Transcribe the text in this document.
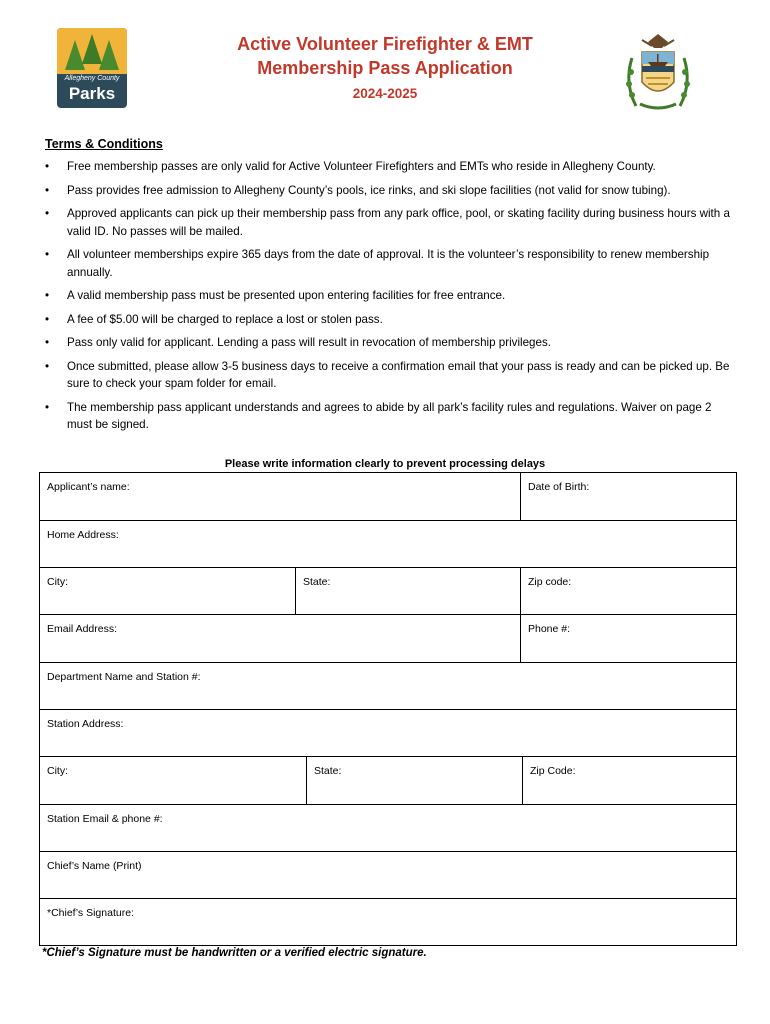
Allegheny County
Parks
Active Volunteer Firefighter & EMT
Membership Pass Application
2024-2025
Terms & Conditions
• Free membership passes are only valid for Active Volunteer Firefighters and EMTs who reside in Allegheny County.
• Pass provides free admission to Allegheny County’s pools, ice rinks, and ski slope facilities (not valid for snow tubing).
• Approved applicants can pick up their membership pass from any park office, pool, or skating facility during business hours with a valid ID. No passes will be mailed.
• All volunteer memberships expire 365 days from the date of approval. It is the volunteer’s responsibility to renew membership annually.
• A valid membership pass must be presented upon entering facilities for free entrance.
• A fee of $5.00 will be charged to replace a lost or stolen pass.
• Pass only valid for applicant. Lending a pass will result in revocation of membership privileges.
• Once submitted, please allow 3-5 business days to receive a confirmation email that your pass is ready and can be picked up. Be sure to check your spam folder for email.
• The membership pass applicant understands and agrees to abide by all park’s facility rules and regulations. Waiver on page 2 must be signed.
Please write information clearly to prevent processing delays
Applicant’s name:	Date of Birth:
Home Address:
City:	State:	Zip code:
Email Address:	Phone #:
Department Name and Station #:
Station Address:
City:	State:	Zip Code:
Station Email & phone #:
Chief’s Name (Print)
*Chief’s Signature:
*Chief’s Signature must be handwritten or a verified electric signature.
